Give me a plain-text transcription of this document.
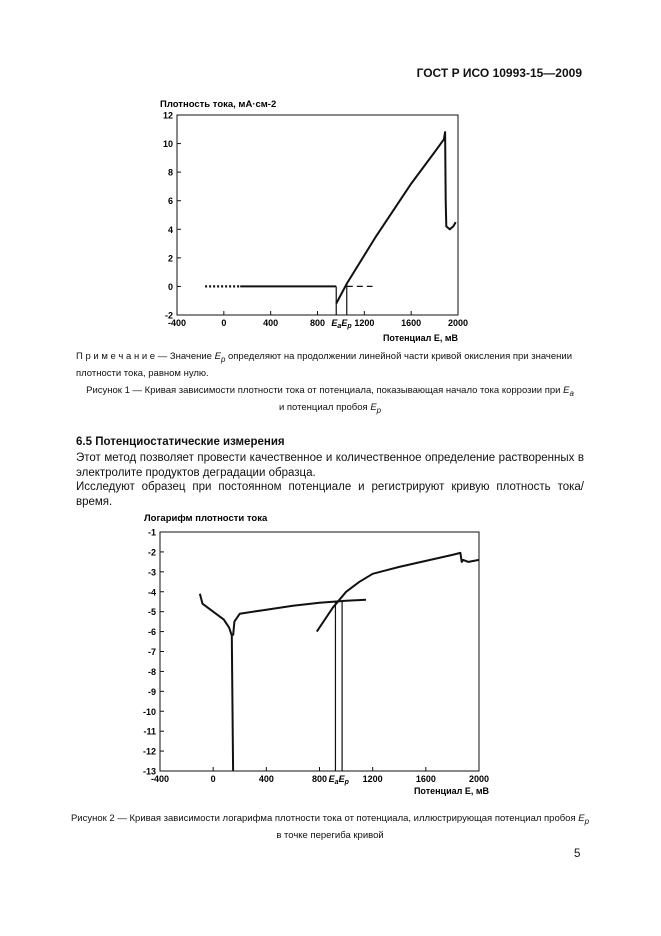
ГОСТ Р ИСО 10993-15—2009
-2
0
2
4
6
8
10
12
-400	0	400	800	1200	1600	2000
$E_aE_p$
Плотность тока, мА·см-2
Потенциал E, мВ
П р и м е ч а н и е — Значение $E_p$ определяют на продолжении линейной части кривой окисления при значении плотности тока, равном нулю.
Рисунок 1 — Кривая зависимости плотности тока от потенциала, показывающая начало тока коррозии при $E_a$
и потенциал пробоя $E_p$
6.5 Потенциостатические измерения
Этот метод позволяет провести качественное и количественное определение растворенных в электролите продуктов деградации образца.
Исследуют образец при постоянном потенциале и регистрируют кривую плотность тока/время.
-1
-2
-3
-4
-5
-6
-7
-8
-9
-10
-11
-12
-13
-400	0	400	800	1200	1600	2000
$E_aE_p$
Логарифм плотности тока
Потенциал E, мВ
Рисунок 2 — Кривая зависимости логарифма плотности тока от потенциала, иллюстрирующая потенциал пробоя $E_p$
в точке перегиба кривой
5
